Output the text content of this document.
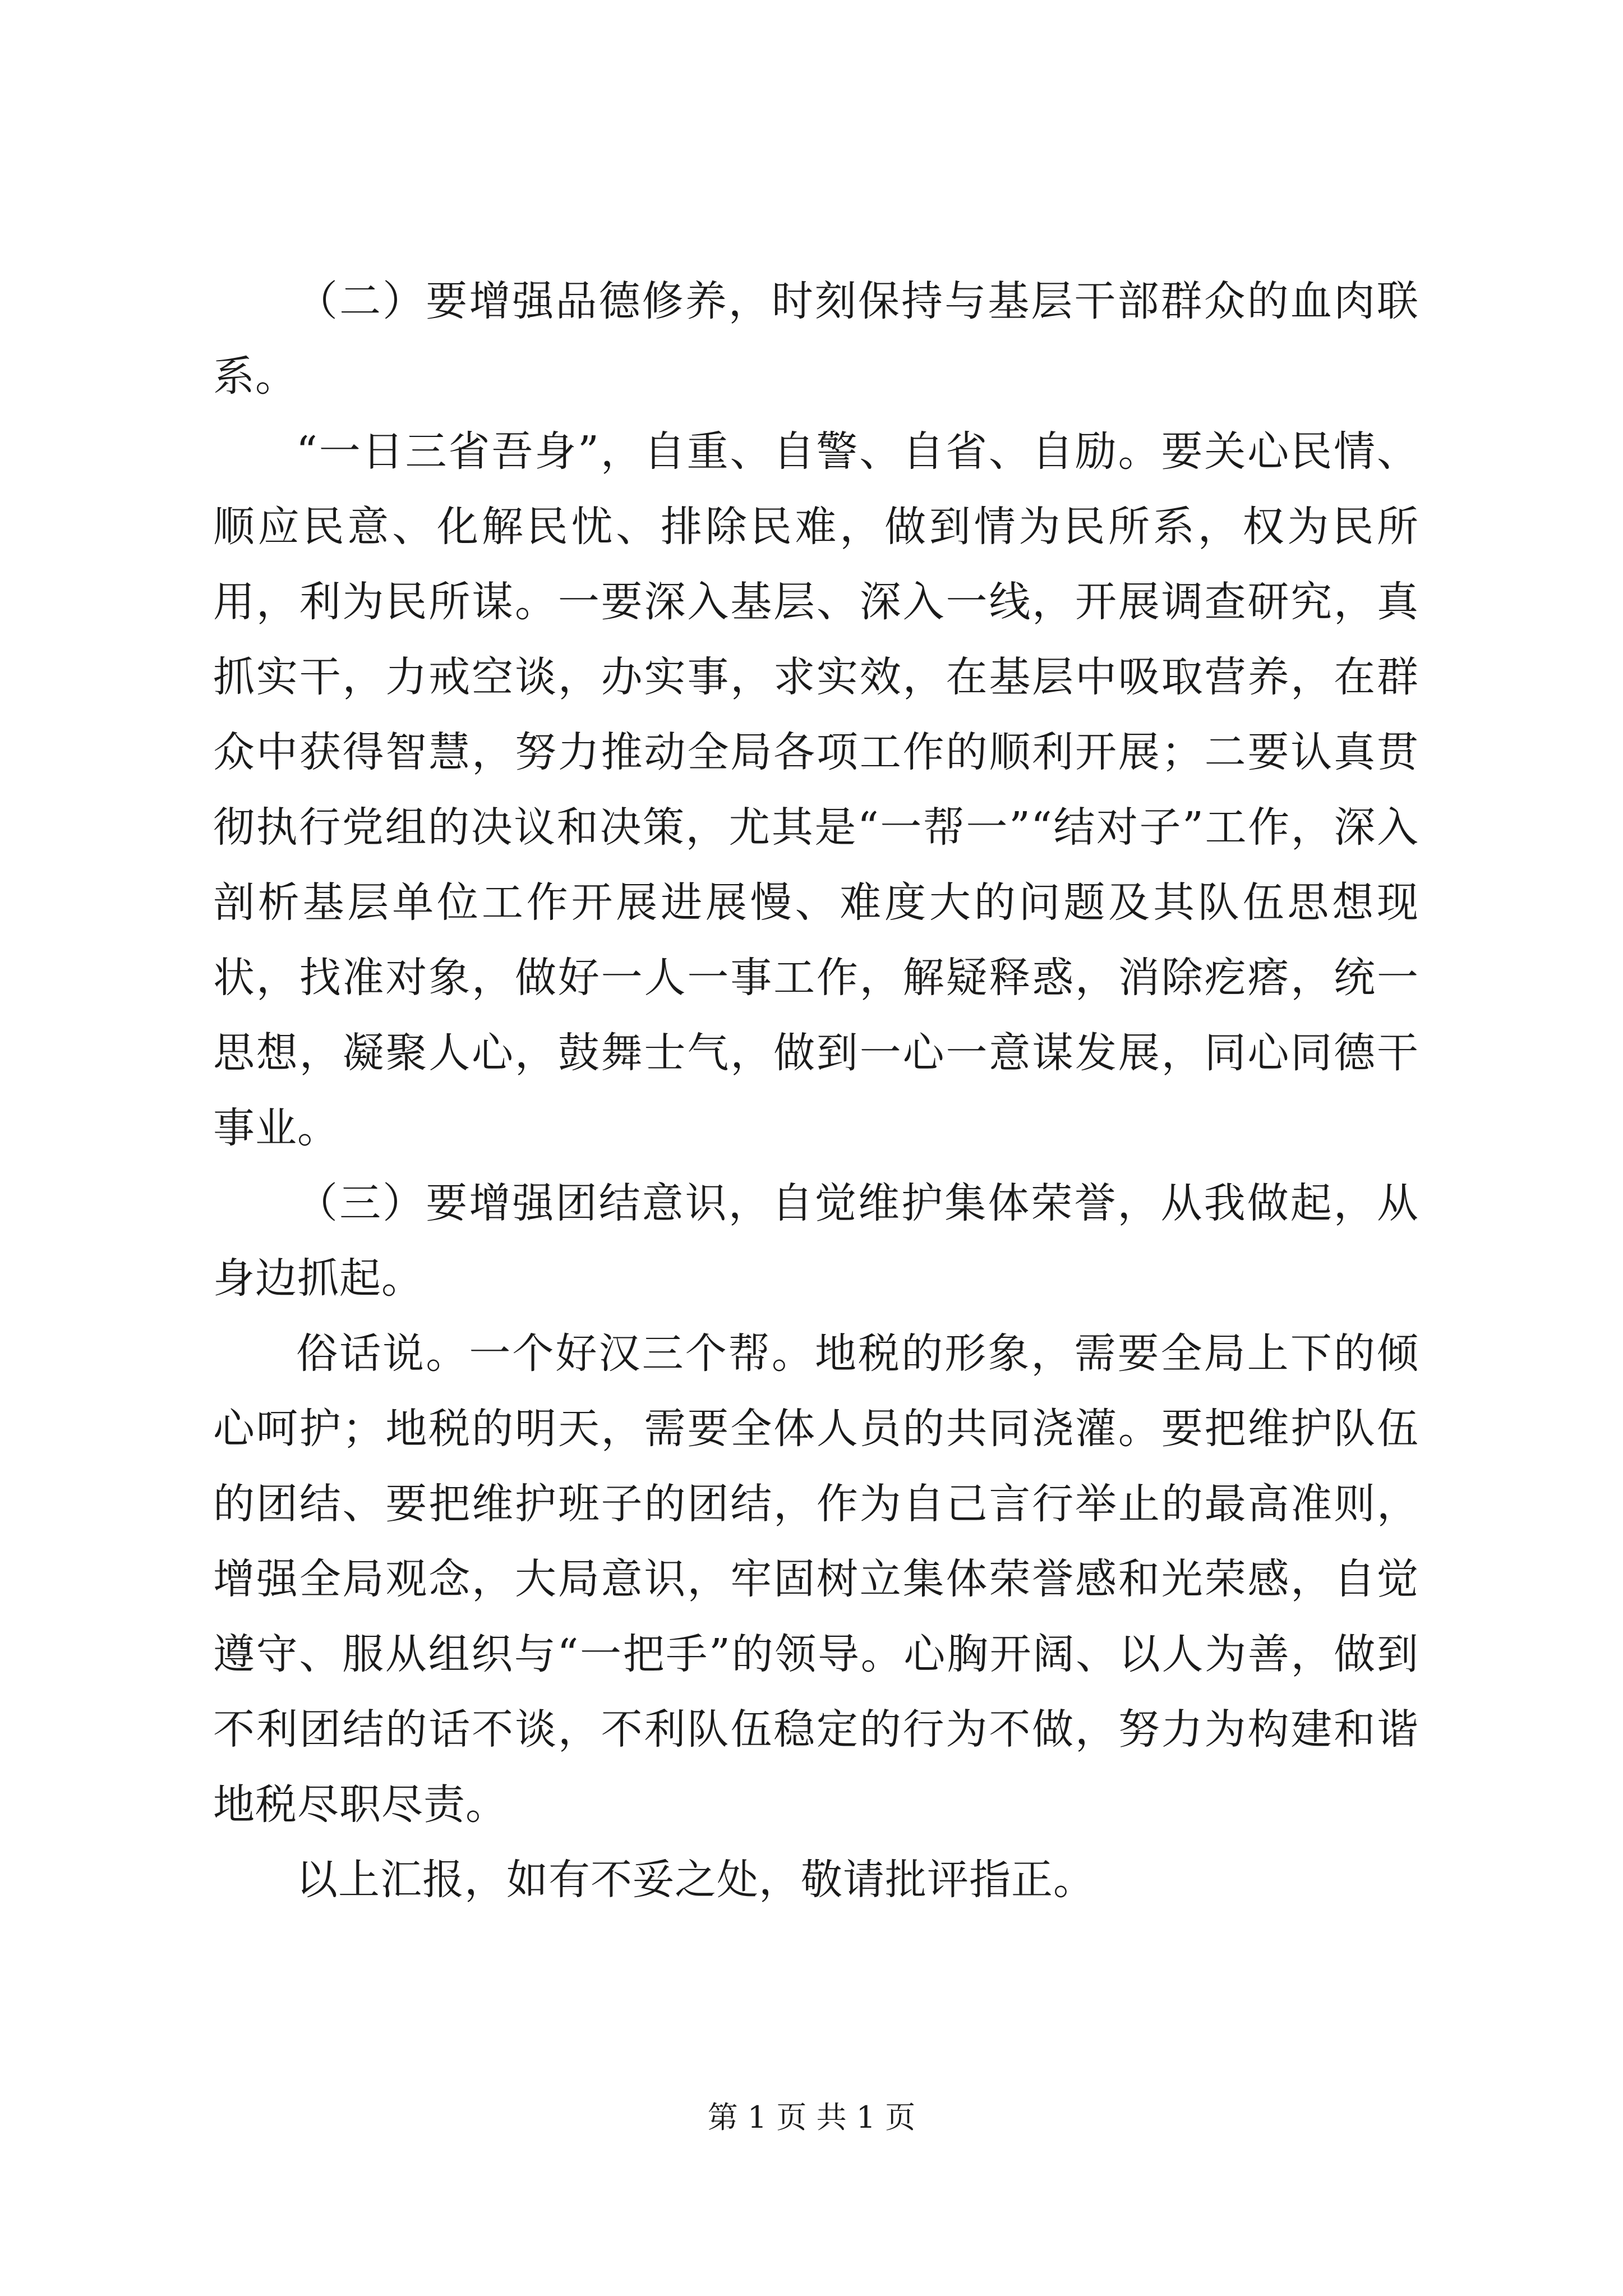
（二）要增强品德修养，时刻保持与基层干部群众的血肉联系。

“一日三省吾身”，自重、自警、自省、自励。要关心民情、顺应民意、化解民忧、排除民难，做到情为民所系，权为民所用，利为民所谋。一要深入基层、深入一线，开展调查研究，真抓实干，力戒空谈，办实事，求实效，在基层中吸取营养，在群众中获得智慧，努力推动全局各项工作的顺利开展；二要认真贯彻执行党组的决议和决策，尤其是“一帮一”“结对子”工作，深入剖析基层单位工作开展进展慢、难度大的问题及其队伍思想现状，找准对象，做好一人一事工作，解疑释惑，消除疙瘩，统一思想，凝聚人心，鼓舞士气，做到一心一意谋发展，同心同德干事业。

（三）要增强团结意识，自觉维护集体荣誉，从我做起，从身边抓起。

俗话说。一个好汉三个帮。地税的形象，需要全局上下的倾心呵护；地税的明天，需要全体人员的共同浇灌。要把维护队伍的团结、要把维护班子的团结，作为自己言行举止的最高准则，增强全局观念，大局意识，牢固树立集体荣誉感和光荣感，自觉遵守、服从组织与“一把手”的领导。心胸开阔、以人为善，做到不利团结的话不谈，不利队伍稳定的行为不做，努力为构建和谐地税尽职尽责。

以上汇报，如有不妥之处，敬请批评指正。

第 1 页 共 1 页
